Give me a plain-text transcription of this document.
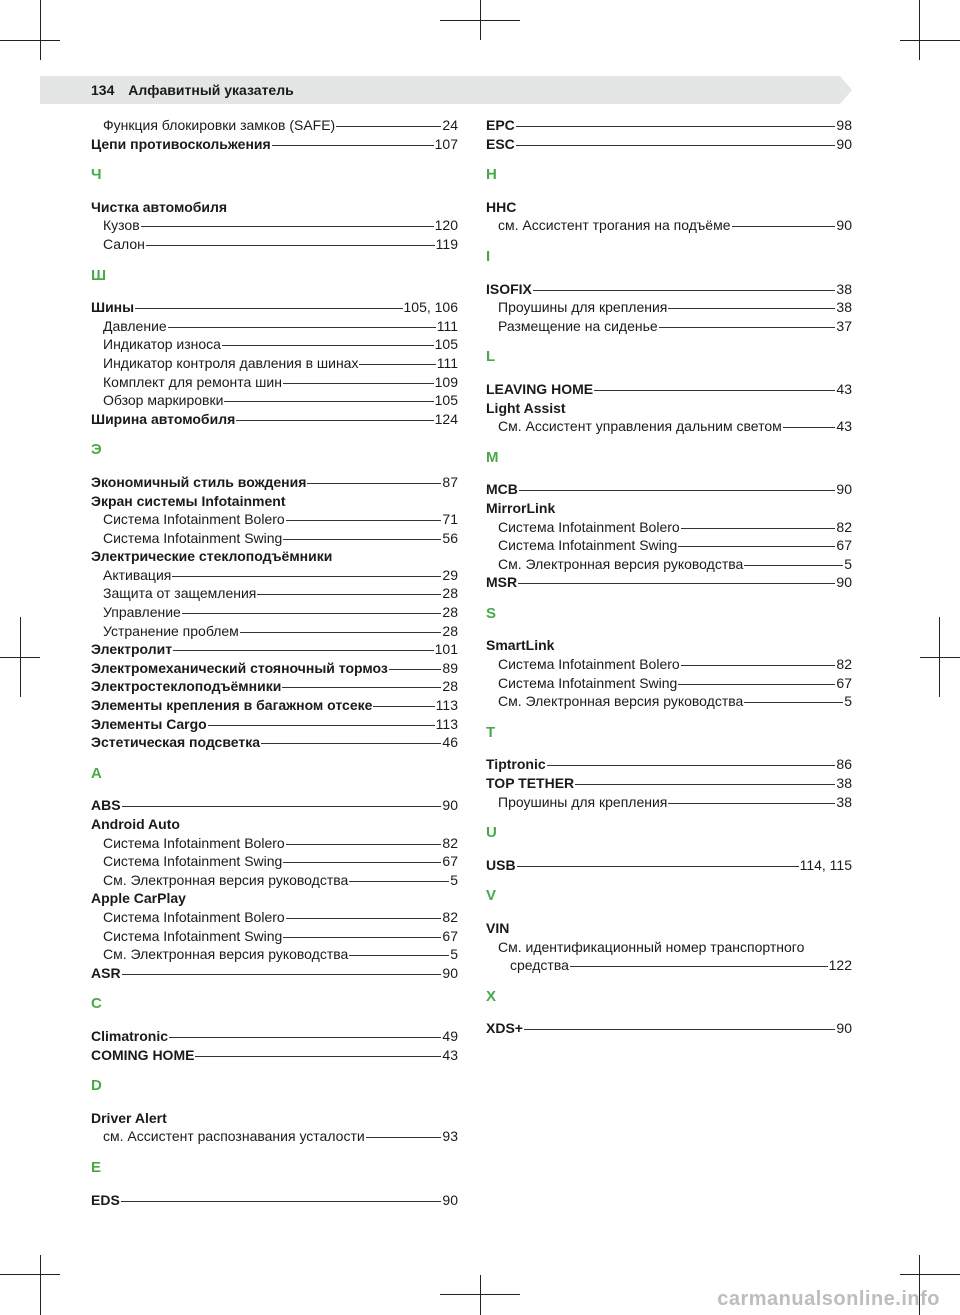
134 Алфавитный указатель
Функция блокировки замков (SAFE)	24
Цепи противоскольжения	107
Ч
Чистка автомобиля
Кузов	120
Салон	119
Ш
Шины	105, 106
Давление	111
Индикатор износа	105
Индикатор контроля давления в шинах	111
Комплект для ремонта шин	109
Обзор маркировки	105
Ширина автомобиля	124
Э
Экономичный стиль вождения	87
Экран системы Infotainment
Система Infotainment Bolero	71
Система Infotainment Swing	56
Электрические стеклоподъёмники
Активация	29
Защита от защемления	28
Управление	28
Устранение проблем	28
Электролит	101
Электромеханический стояночный тормоз	89
Электростеклоподъёмники	28
Элементы крепления в багажном отсеке	113
Элементы Cargo	113
Эстетическая подсветка	46
A
ABS	90
Android Auto
Система Infotainment Bolero	82
Система Infotainment Swing	67
См. Электронная версия руководства	5
Apple CarPlay
Система Infotainment Bolero	82
Система Infotainment Swing	67
См. Электронная версия руководства	5
ASR	90
C
Climatronic	49
COMING HOME	43
D
Driver Alert
см. Ассистент распознавания усталости	93
E
EDS	90
EPC	98
ESC	90
H
HHC
см. Ассистент трогания на подъёме	90
I
ISOFIX	38
Проушины для крепления	38
Размещение на сиденье	37
L
LEAVING HOME	43
Light Assist
См. Ассистент управления дальним светом	43
M
MCB	90
MirrorLink
Система Infotainment Bolero	82
Система Infotainment Swing	67
См. Электронная версия руководства	5
MSR	90
S
SmartLink
Система Infotainment Bolero	82
Система Infotainment Swing	67
См. Электронная версия руководства	5
T
Tiptronic	86
TOP TETHER	38
Проушины для крепления	38
U
USB	114, 115
V
VIN
См. идентификационный номер транспортного
средства	122
X
XDS+	90
carmanualsonline.info
